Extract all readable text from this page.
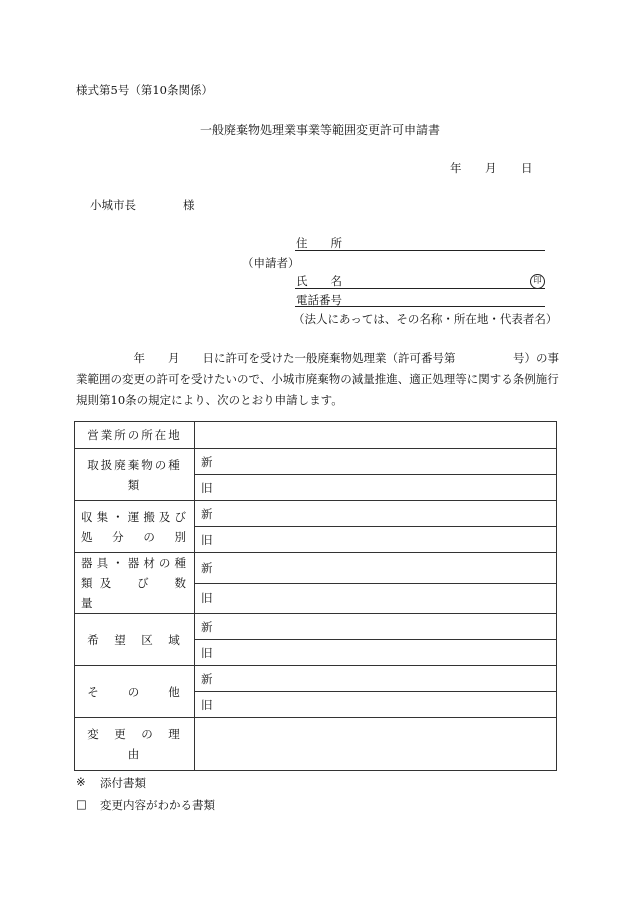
様式第5号（第10条関係）
一般廃棄物処理業事業等範囲変更許可申請書
年 月 日
小城市長	様
住　　所
（申請者）
氏　　名	印
電話番号
（法人にあっては、その名称・所在地・代表者名）
　　　　　年　　月　　日に許可を受けた一般廃棄物処理業（許可番号第　　　　　号）の事業範囲の変更の許可を受けたいので、小城市廃棄物の減量推進、適正処理等に関する条例施行規則第10条の規定により、次のとおり申請します。
営業所の所在地	
取扱廃棄物の種類	新
	旧
収集・運搬及び処　分　の　別	新
	旧
器具・器材の種類及　び　数　量	新
	旧
希　望　区　域	新
	旧
そ　　の　　他	新
	旧
変　更　の　理　由	
※ 添付書類
□ 変更内容がわかる書類
